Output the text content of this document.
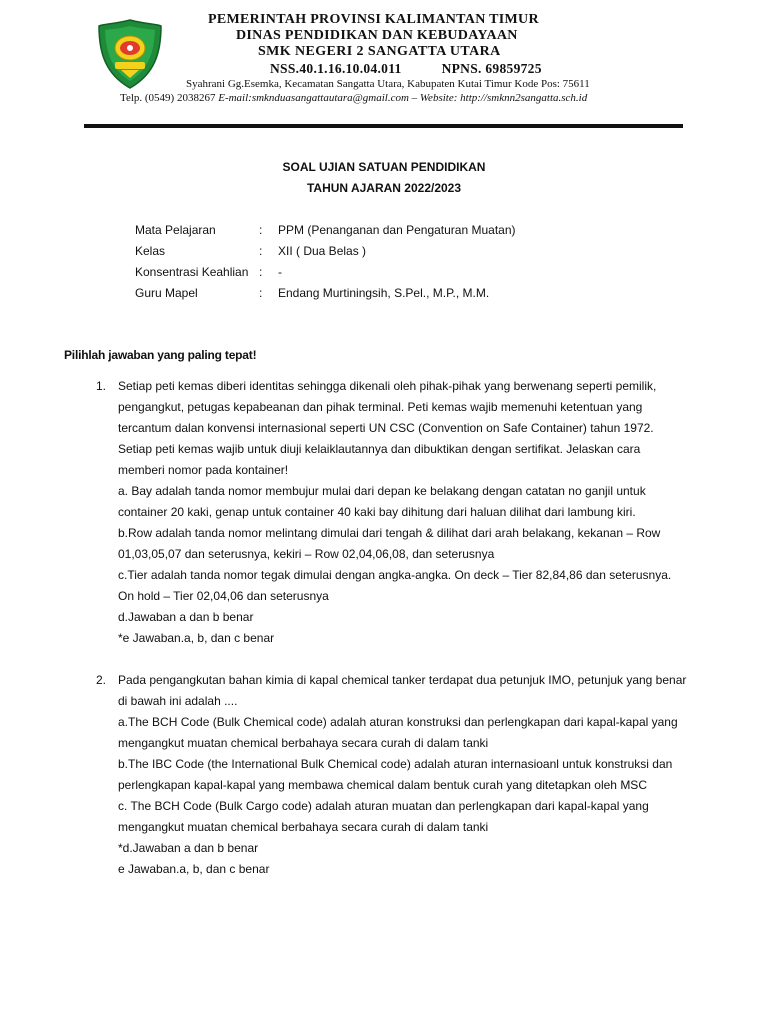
PEMERINTAH PROVINSI KALIMANTAN TIMUR
DINAS PENDIDIKAN DAN KEBUDAYAAN
SMK NEGERI 2 SANGATTA UTARA
NSS.40.1.16.10.04.011	NPNS. 69859725
Syahrani Gg.Esemka, Kecamatan Sangatta Utara, Kabupaten Kutai Timur Kode Pos: 75611
Telp. (0549) 2038267 E-mail:smknduasangattautara@gmail.com – Website: http://smknn2sangatta.sch.id
SOAL UJIAN SATUAN PENDIDIKAN
TAHUN AJARAN 2022/2023
Mata Pelajaran	: PPM (Penanganan dan Pengaturan Muatan)
Kelas	: XII ( Dua Belas )
Konsentrasi Keahlian : -
Guru Mapel	: Endang Murtiningsih, S.Pel., M.P., M.M.
Pilihlah jawaban yang paling tepat!
1. Setiap peti kemas diberi identitas sehingga dikenali oleh pihak-pihak yang berwenang seperti pemilik,
pengangkut, petugas kepabeanan dan pihak terminal. Peti kemas wajib memenuhi ketentuan yang
tercantum dalan konvensi internasional seperti UN CSC (Convention on Safe Container) tahun 1972.
Setiap peti kemas wajib untuk diuji kelaiklautannya dan dibuktikan dengan sertifikat. Jelaskan cara
memberi nomor pada kontainer!
a. Bay adalah tanda nomor membujur mulai dari depan ke belakang dengan catatan no ganjil untuk
container 20 kaki, genap untuk container 40 kaki bay dihitung dari haluan dilihat dari lambung kiri.
b.Row adalah tanda nomor melintang dimulai dari tengah & dilihat dari arah belakang, kekanan – Row
01,03,05,07 dan seterusnya, kekiri – Row 02,04,06,08, dan seterusnya
c.Tier adalah tanda nomor tegak dimulai dengan angka-angka. On deck – Tier 82,84,86 dan seterusnya.
On hold – Tier 02,04,06 dan seterusnya
d.Jawaban a dan b benar
*e Jawaban.a, b, dan c benar
2. Pada pengangkutan bahan kimia di kapal chemical tanker terdapat dua petunjuk IMO, petunjuk yang benar
di bawah ini adalah ....
a.The BCH Code (Bulk Chemical code) adalah aturan konstruksi dan perlengkapan dari kapal-kapal yang
mengangkut muatan chemical berbahaya secara curah di dalam tanki
b.The IBC Code (the International Bulk Chemical code) adalah aturan internasioanl untuk konstruksi dan
perlengkapan kapal-kapal yang membawa chemical dalam bentuk curah yang ditetapkan oleh MSC
c. The BCH Code (Bulk Cargo code) adalah aturan muatan dan perlengkapan dari kapal-kapal yang
mengangkut muatan chemical berbahaya secara curah di dalam tanki
*d.Jawaban a dan b benar
e Jawaban.a, b, dan c benar
